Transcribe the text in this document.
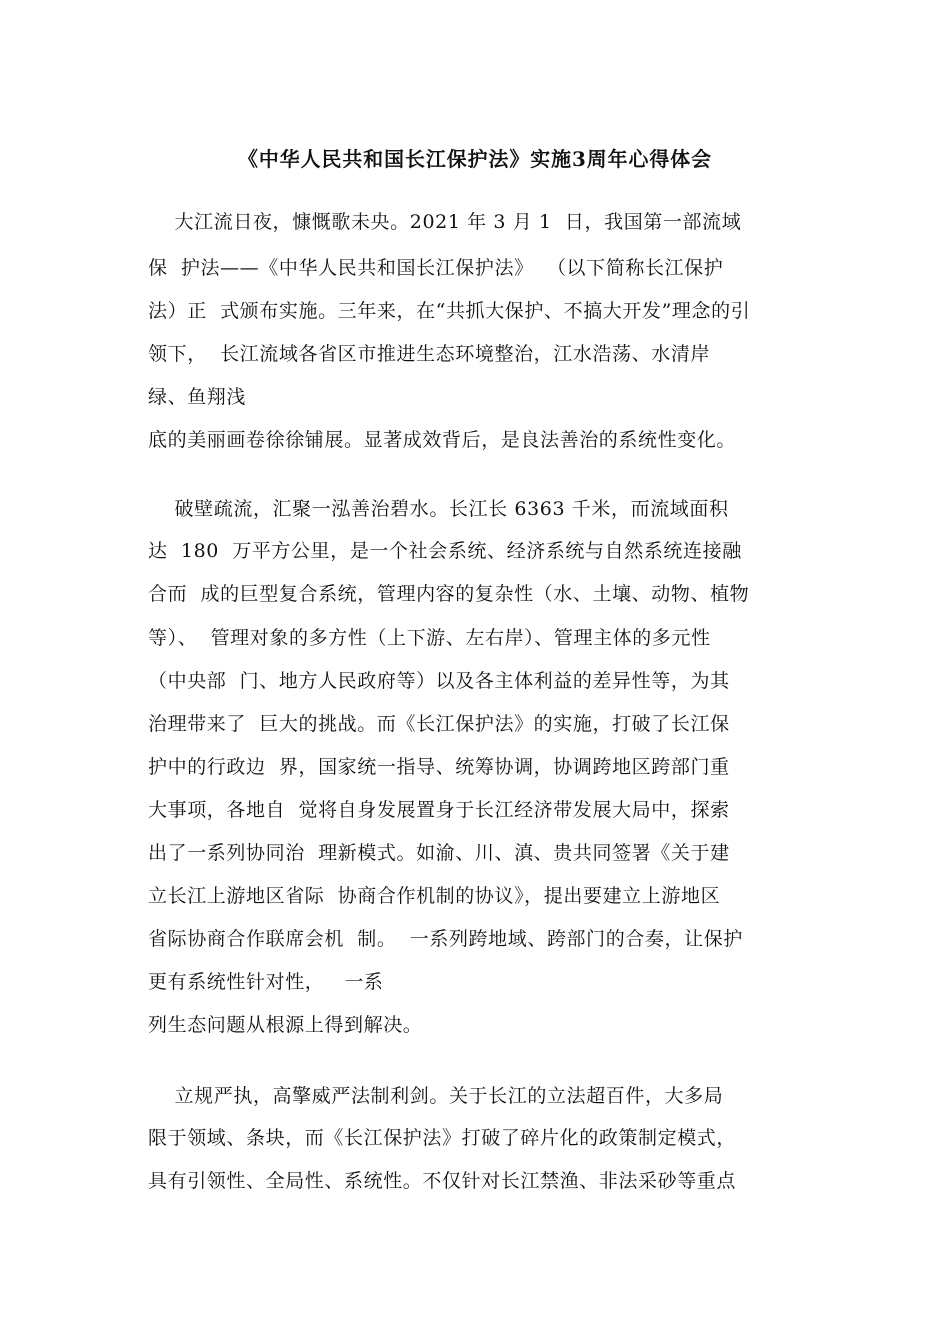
《中华人民共和国长江保护法》实施3周年心得体会
大江流日夜，慷慨歌未央。2021 年 3 月 1  日，我国第一部流域
保  护法——《中华人民共和国长江保护法》  （以下简称长江保护
法）正  式颁布实施。三年来，在“共抓大保护、不搞大开发”理念的引
领下，  长江流域各省区市推进生态环境整治，江水浩荡、水清岸
绿、鱼翔浅
底的美丽画卷徐徐铺展。显著成效背后，是良法善治的系统性变化。
破壁疏流，汇聚一泓善治碧水。长江长 6363 千米，而流域面积
达  180  万平方公里，是一个社会系统、经济系统与自然系统连接融
合而  成的巨型复合系统，管理内容的复杂性（水、土壤、动物、植物
等）、  管理对象的多方性（上下游、左右岸）、管理主体的多元性
（中央部  门、地方人民政府等）以及各主体利益的差异性等，为其
治理带来了  巨大的挑战。而《长江保护法》的实施，打破了长江保
护中的行政边  界，国家统一指导、统筹协调，协调跨地区跨部门重
大事项，各地自  觉将自身发展置身于长江经济带发展大局中，探索
出了一系列协同治  理新模式。如渝、川、滇、贵共同签署《关于建
立长江上游地区省际  协商合作机制的协议》，提出要建立上游地区
省际协商合作联席会机  制。  一系列跨地域、跨部门的合奏，让保护
更有系统性针对性，   一系
列生态问题从根源上得到解决。
立规严执，高擎威严法制利剑。关于长江的立法超百件，大多局
限于领域、条块，而《长江保护法》打破了碎片化的政策制定模式，
具有引领性、全局性、系统性。不仅针对长江禁渔、非法采砂等重点
